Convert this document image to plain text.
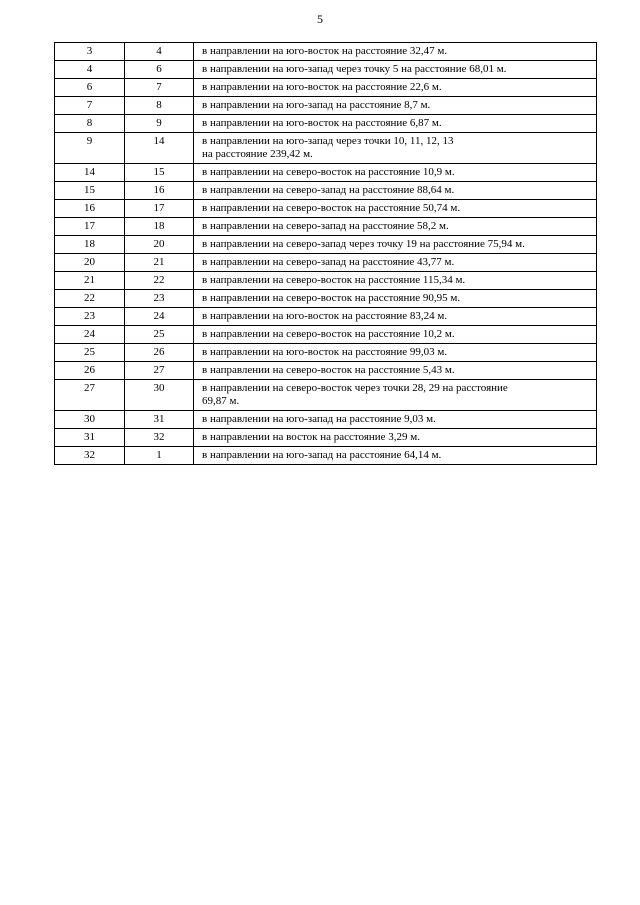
5
3	4	в направлении на юго-восток на расстояние 32,47 м.

4	6	в направлении на юго-запад через точку 5 на расстояние 68,01 м.

6	7	в направлении на юго-восток на расстояние 22,6 м.

7	8	в направлении на юго-запад на расстояние 8,7 м.

8	9	в направлении на юго-восток на расстояние 6,87 м.

9	14	в направлении на юго-запад через точки 10, 11, 12, 13
на расстояние 239,42 м.

14	15	в направлении на северо-восток на расстояние 10,9 м.

15	16	в направлении на северо-запад на расстояние 88,64 м.

16	17	в направлении на северо-восток на расстояние 50,74 м.

17	18	в направлении на северо-запад на расстояние 58,2 м.

18	20	в направлении на северо-запад через точку 19 на расстояние 75,94 м.

20	21	в направлении на северо-запад на расстояние 43,77 м.

21	22	в направлении на северо-восток на расстояние 115,34 м.

22	23	в направлении на северо-восток на расстояние 90,95 м.

23	24	в направлении на юго-восток на расстояние 83,24 м.

24	25	в направлении на северо-восток на расстояние 10,2 м.

25	26	в направлении на юго-восток на расстояние 99,03 м.

26	27	в направлении на северо-восток на расстояние 5,43 м.

27	30	в направлении на северо-восток через точки 28, 29 на расстояние
69,87 м.

30	31	в направлении на юго-запад на расстояние 9,03 м.

31	32	в направлении на восток на расстояние 3,29 м.

32	1	в направлении на юго-запад на расстояние 64,14 м.
